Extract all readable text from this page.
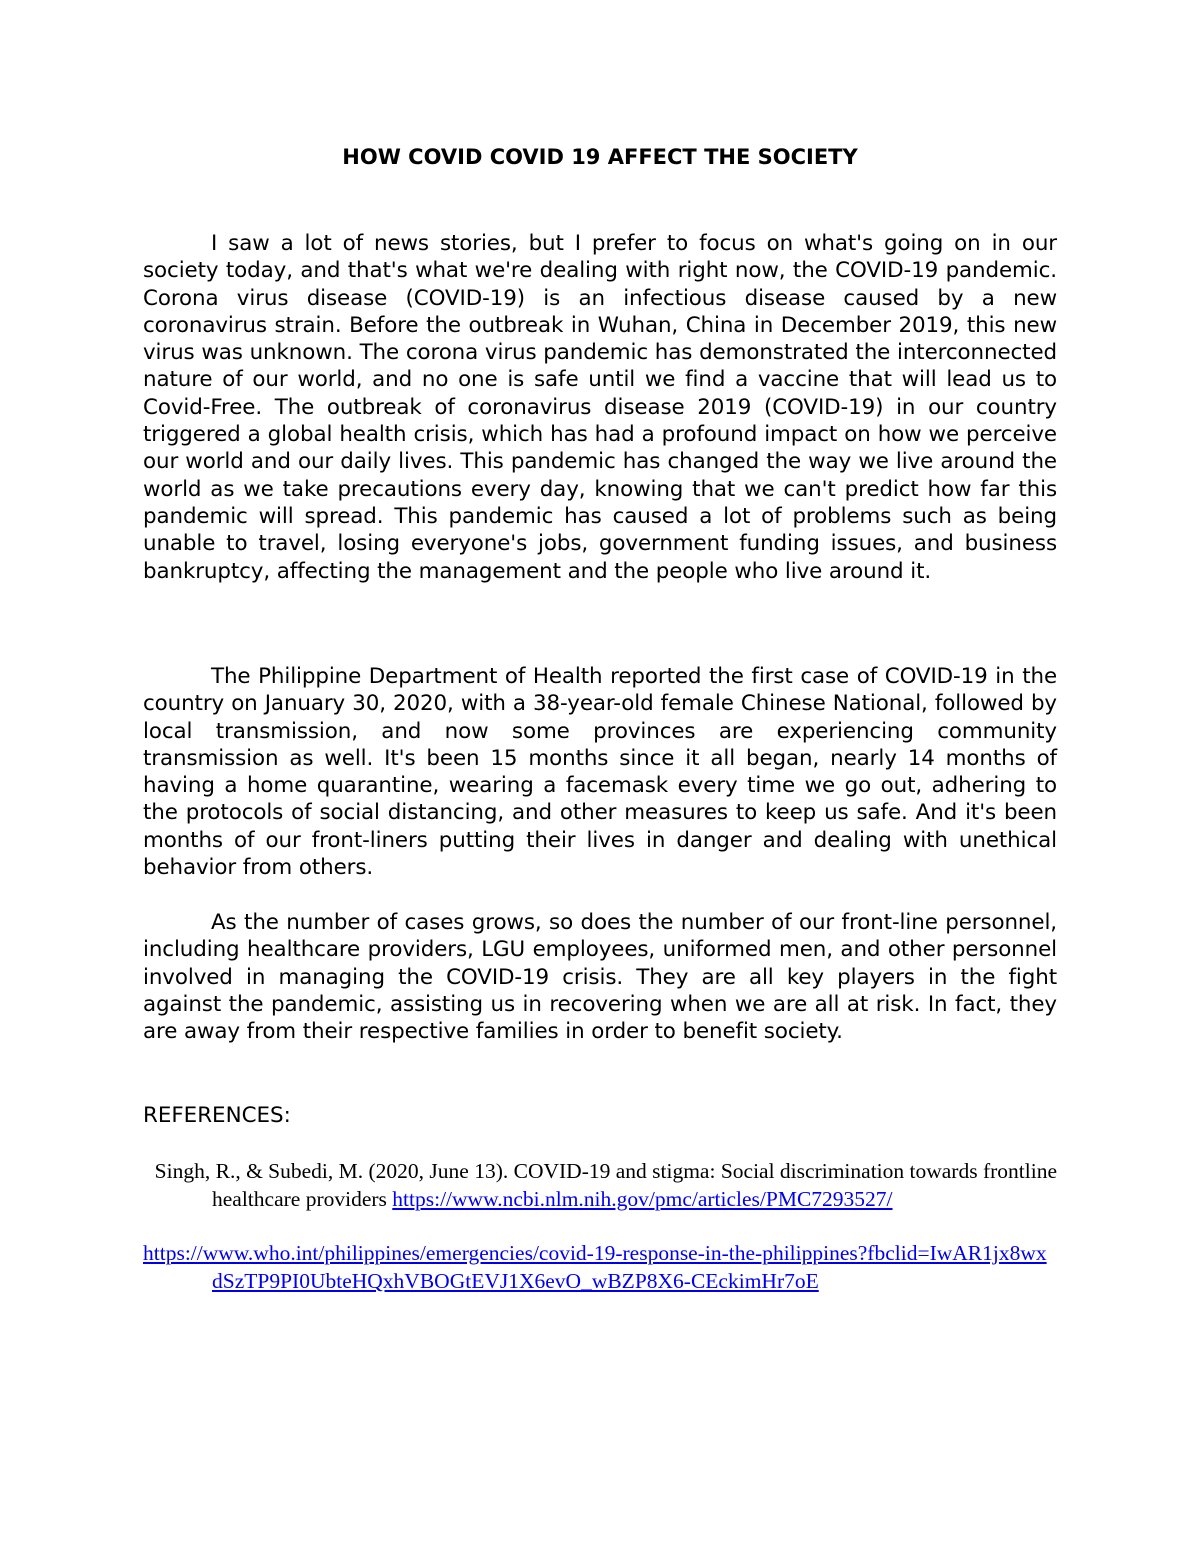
HOW COVID COVID 19 AFFECT THE SOCIETY

I saw a lot of news stories, but I prefer to focus on what's going on in our society today, and that's what we're dealing with right now, the COVID-19 pandemic. Corona virus disease (COVID-19) is an infectious disease caused by a new coronavirus strain. Before the outbreak in Wuhan, China in December 2019, this new virus was unknown. The corona virus pandemic has demonstrated the interconnected nature of our world, and no one is safe until we find a vaccine that will lead us to Covid-Free. The outbreak of coronavirus disease 2019 (COVID-19) in our country triggered a global health crisis, which has had a profound impact on how we perceive our world and our daily lives. This pandemic has changed the way we live around the world as we take precautions every day, knowing that we can't predict how far this pandemic will spread. This pandemic has caused a lot of problems such as being unable to travel, losing everyone's jobs, government funding issues, and business bankruptcy, affecting the management and the people who live around it.

The Philippine Department of Health reported the first case of COVID-19 in the country on January 30, 2020, with a 38-year-old female Chinese National, followed by local transmission, and now some provinces are experiencing community transmission as well. It's been 15 months since it all began, nearly 14 months of having a home quarantine, wearing a facemask every time we go out, adhering to the protocols of social distancing, and other measures to keep us safe. And it's been months of our front-liners putting their lives in danger and dealing with unethical behavior from others.

As the number of cases grows, so does the number of our front-line personnel, including healthcare providers, LGU employees, uniformed men, and other personnel involved in managing the COVID-19 crisis. They are all key players in the fight against the pandemic, assisting us in recovering when we are all at risk. In fact, they are away from their respective families in order to benefit society.

REFERENCES:

Singh, R., & Subedi, M. (2020, June 13). COVID-19 and stigma: Social discrimination towards frontline healthcare providers https://www.ncbi.nlm.nih.gov/pmc/articles/PMC7293527/

https://www.who.int/philippines/emergencies/covid-19-response-in-the-philippines?fbclid=IwAR1jx8wxdSzTP9PI0UbteHQxhVBOGtEVJ1X6evO_wBZP8X6-CEckimHr7oE
